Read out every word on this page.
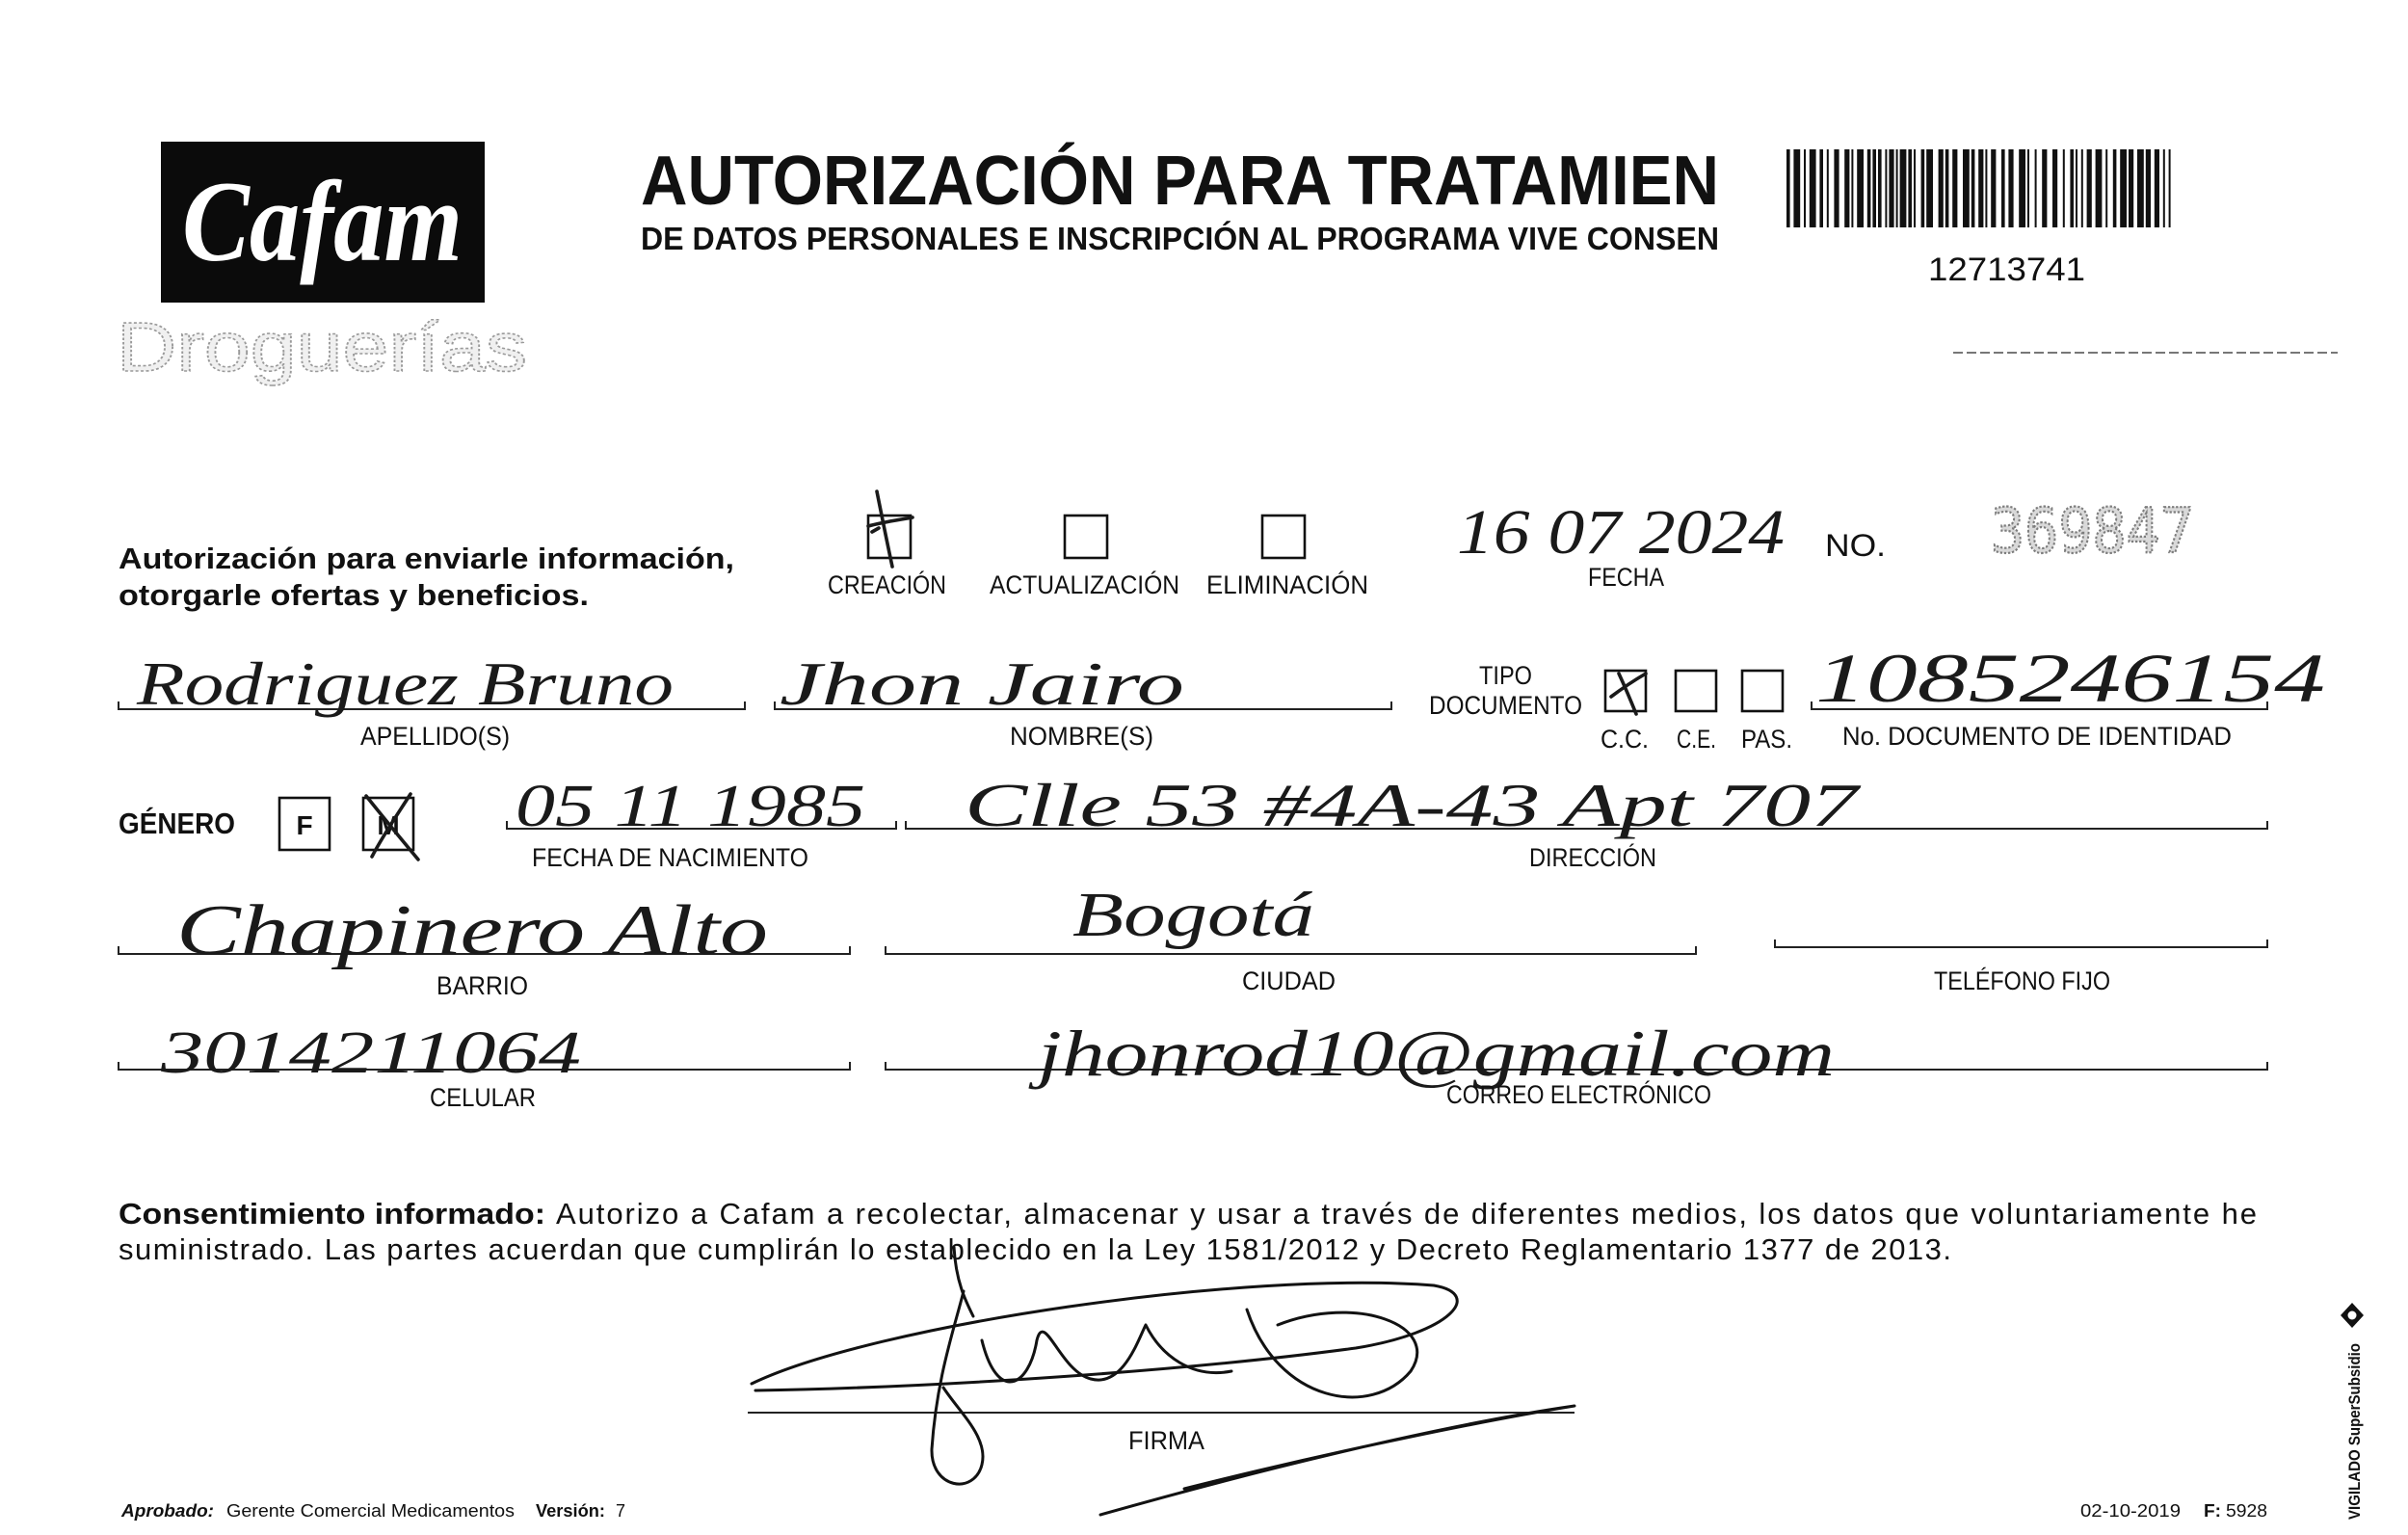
Cafam
Droguerías
AUTORIZACIÓN PARA TRATAMIEN
DE DATOS PERSONALES E INSCRIPCIÓN AL PROGRAMA VIVE CONSEN
12713741
Autorización para enviarle información,
otorgarle ofertas y beneficios.	CREACIÓN ACTUALIZACIÓN ELIMINACIÓN
16 07 2024
FECHA
NO. 369847
Rodriguez Bruno
APELLIDO(S)
Jhon Jairo
NOMBRE(S)
TIPO
DOCUMENTO
C.C. C.E. PAS.
1085246154
No. DOCUMENTO DE IDENTIDAD
GÉNERO F M 05 11 1985
FECHA DE NACIMIENTO
Clle 53 #4A-43 Apt 707
DIRECCIÓN
Chapinero Alto
BARRIO
Bogotá
CIUDAD	TELÉFONO FIJO
3014211064
CELULAR
jhonrod10@gmail.com
CORREO ELECTRÓNICO
Consentimiento informado: Autorizo a Cafam a recolectar, almacenar y usar a través de diferentes medios, los datos que voluntariamente he
suministrado. Las partes acuerdan que cumplirán lo establecido en la Ley 1581/2012 y Decreto Reglamentario 1377 de 2013.
FIRMA
Aprobado: Gerente Comercial Medicamentos Versión: 7	02-10-2019 F: 5928	VIGILADO SuperSubsidio
